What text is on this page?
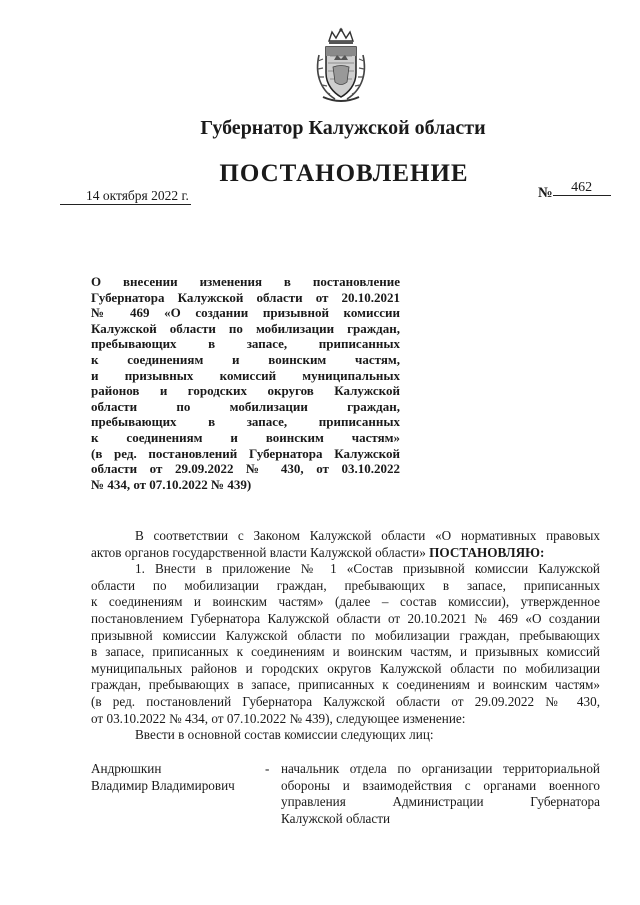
Губернатор Калужской области
ПОСТАНОВЛЕНИЕ
14 октября 2022 г.	№ 462
О внесении изменения в постановление
Губернатора Калужской области от 20.10.2021
№ 469 «О создании призывной комиссии
Калужской области по мобилизации граждан,
пребывающих в запасе, приписанных
к соединениям и воинским частям,
и призывных комиссий муниципальных
районов и городских округов Калужской
области по мобилизации граждан,
пребывающих в запасе, приписанных
к соединениям и воинским частям»
(в ред. постановлений Губернатора Калужской
области от 29.09.2022 № 430, от 03.10.2022
№ 434, от 07.10.2022 № 439)
В соответствии с Законом Калужской области «О нормативных правовых
актов органов государственной власти Калужской области» ПОСТАНОВЛЯЮ:
1. Внести в приложение № 1 «Состав призывной комиссии Калужской
области по мобилизации граждан, пребывающих в запасе, приписанных
к соединениям и воинским частям» (далее – состав комиссии), утвержденное
постановлением Губернатора Калужской области от 20.10.2021 № 469 «О создании
призывной комиссии Калужской области по мобилизации граждан, пребывающих
в запасе, приписанных к соединениям и воинским частям, и призывных комиссий
муниципальных районов и городских округов Калужской области по мобилизации
граждан, пребывающих в запасе, приписанных к соединениям и воинским частям»
(в ред. постановлений Губернатора Калужской области от 29.09.2022 № 430,
от 03.10.2022 № 434, от 07.10.2022 № 439), следующее изменение:
Ввести в основной состав комиссии следующих лиц:
Андрюшкин
Владимир Владимирович
- начальник отдела по организации территориальной
обороны и взаимодействия с органами военного
управления Администрации Губернатора
Калужской области
